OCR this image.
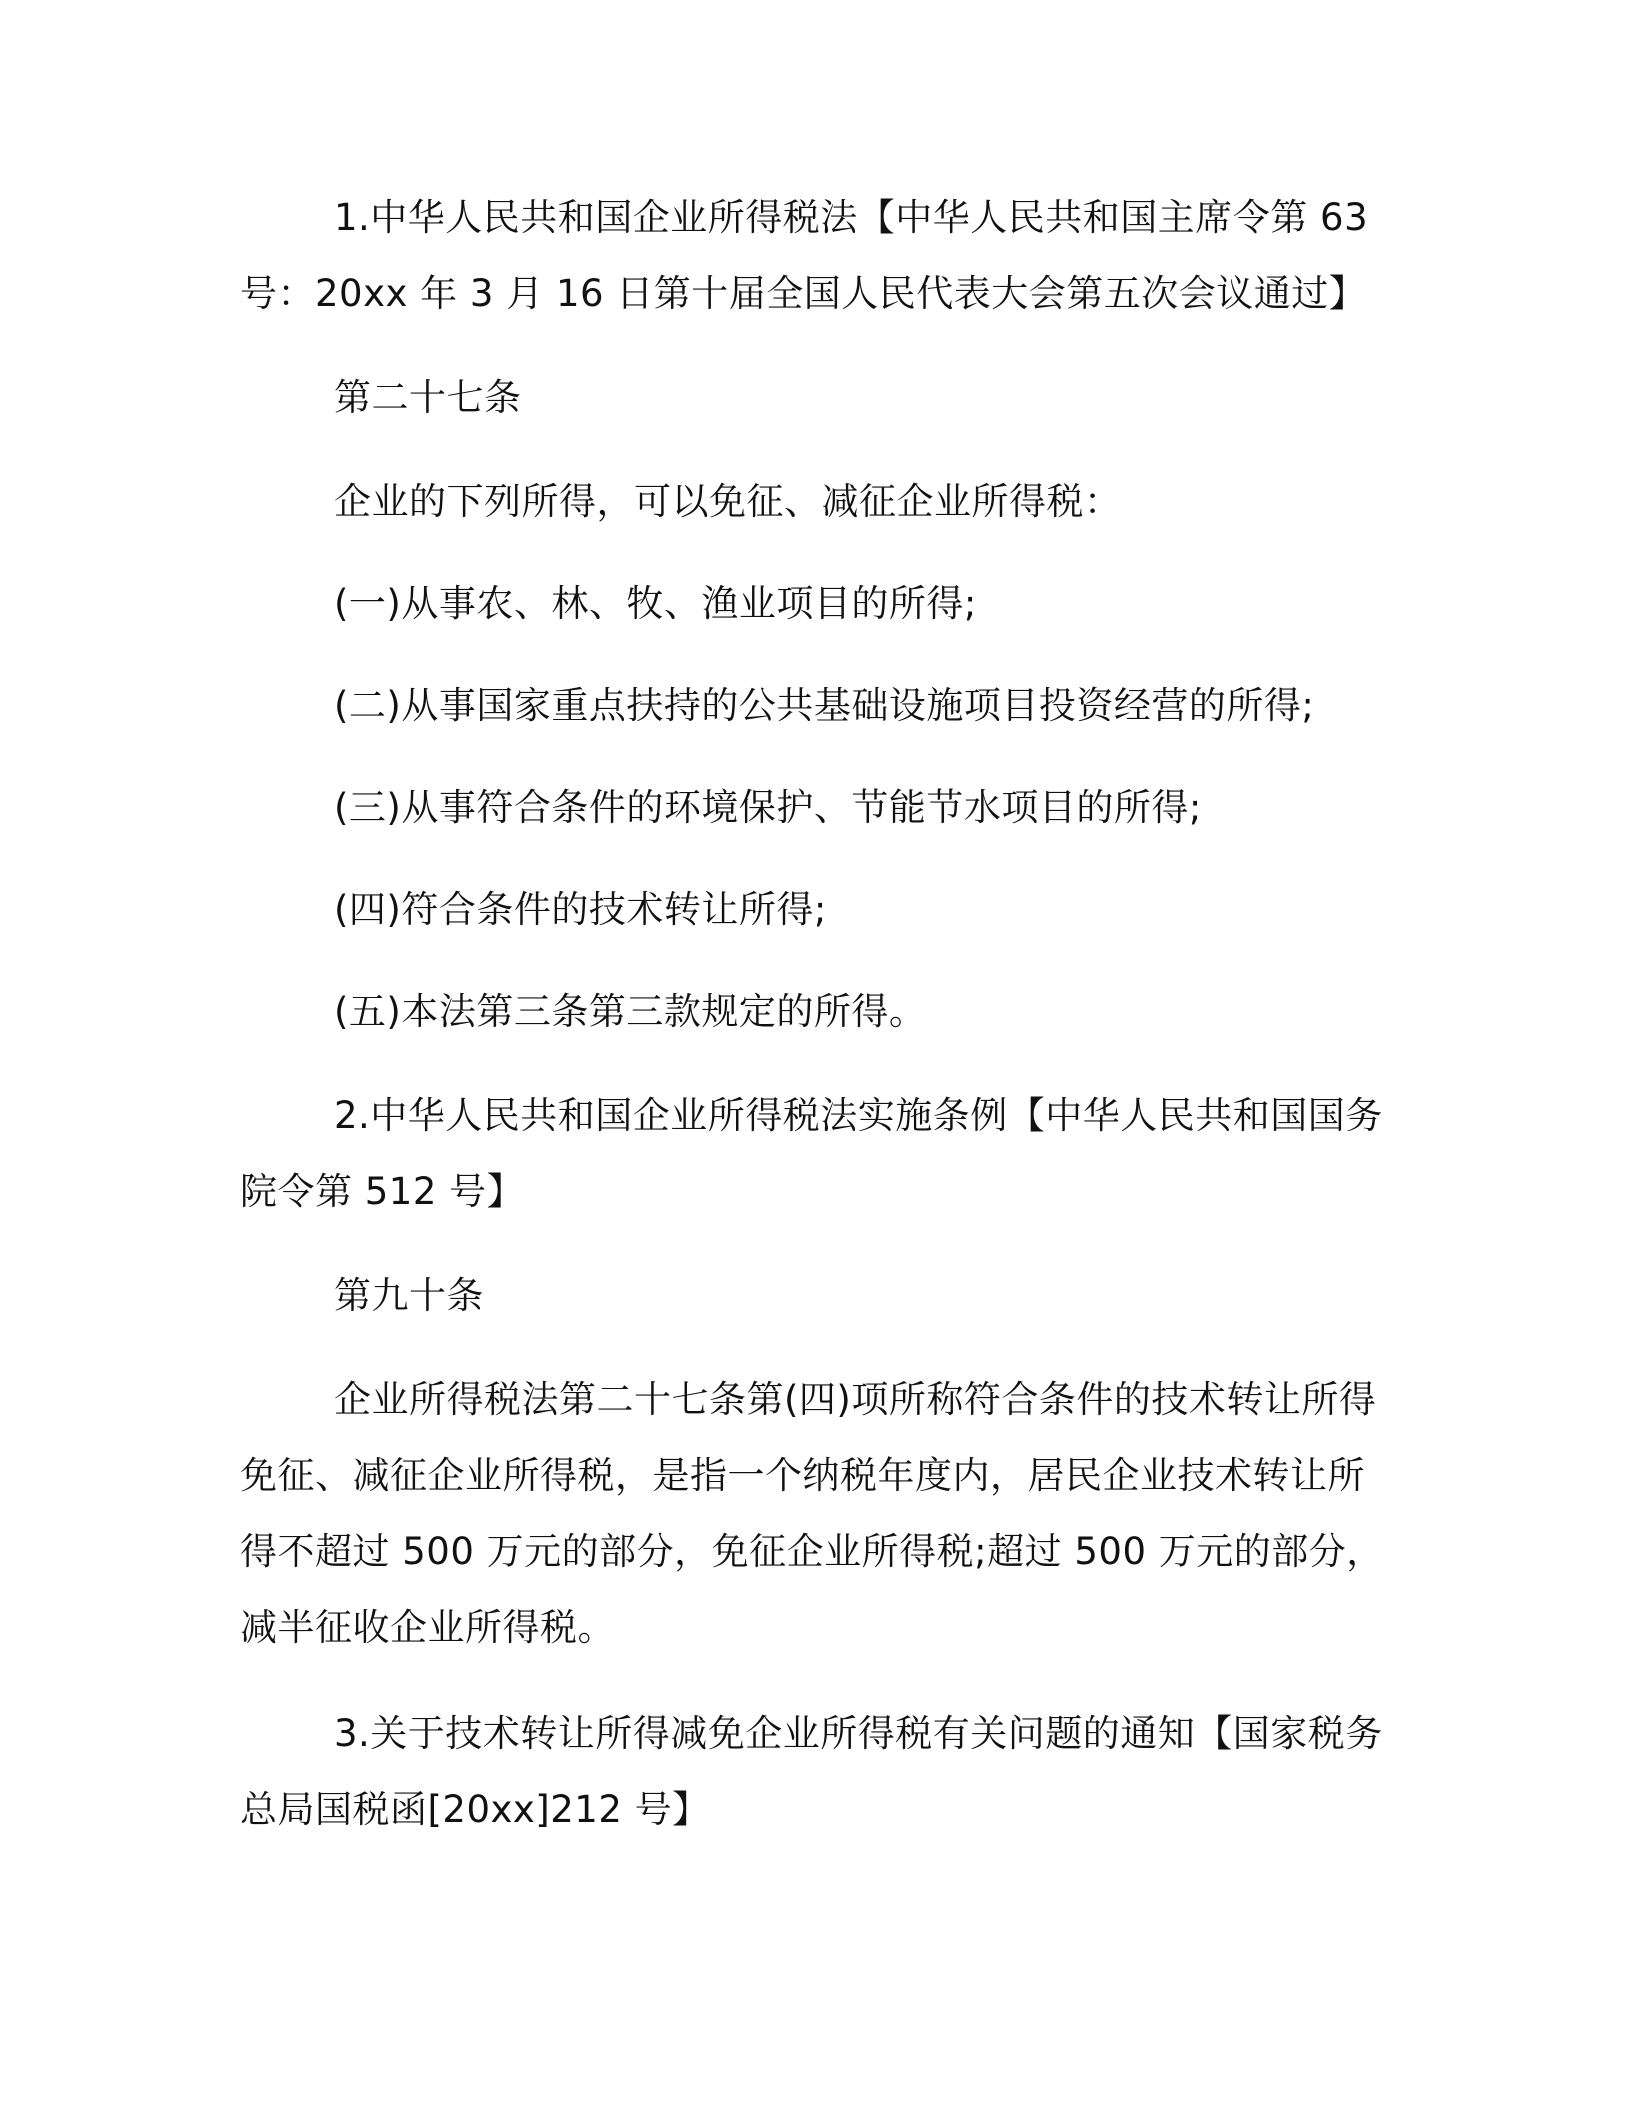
1.中华人民共和国企业所得税法【中华人民共和国主席令第 63 号：20xx 年 3 月 16 日第十届全国人民代表大会第五次会议通过】

第二十七条

企业的下列所得，可以免征、减征企业所得税：

(一)从事农、林、牧、渔业项目的所得;

(二)从事国家重点扶持的公共基础设施项目投资经营的所得;

(三)从事符合条件的环境保护、节能节水项目的所得;

(四)符合条件的技术转让所得;

(五)本法第三条第三款规定的所得。

2.中华人民共和国企业所得税法实施条例【中华人民共和国国务院令第 512 号】

第九十条

企业所得税法第二十七条第(四)项所称符合条件的技术转让所得免征、减征企业所得税，是指一个纳税年度内，居民企业技术转让所得不超过 500 万元的部分，免征企业所得税;超过 500 万元的部分，减半征收企业所得税。

3.关于技术转让所得减免企业所得税有关问题的通知【国家税务总局国税函[20xx]212 号】
